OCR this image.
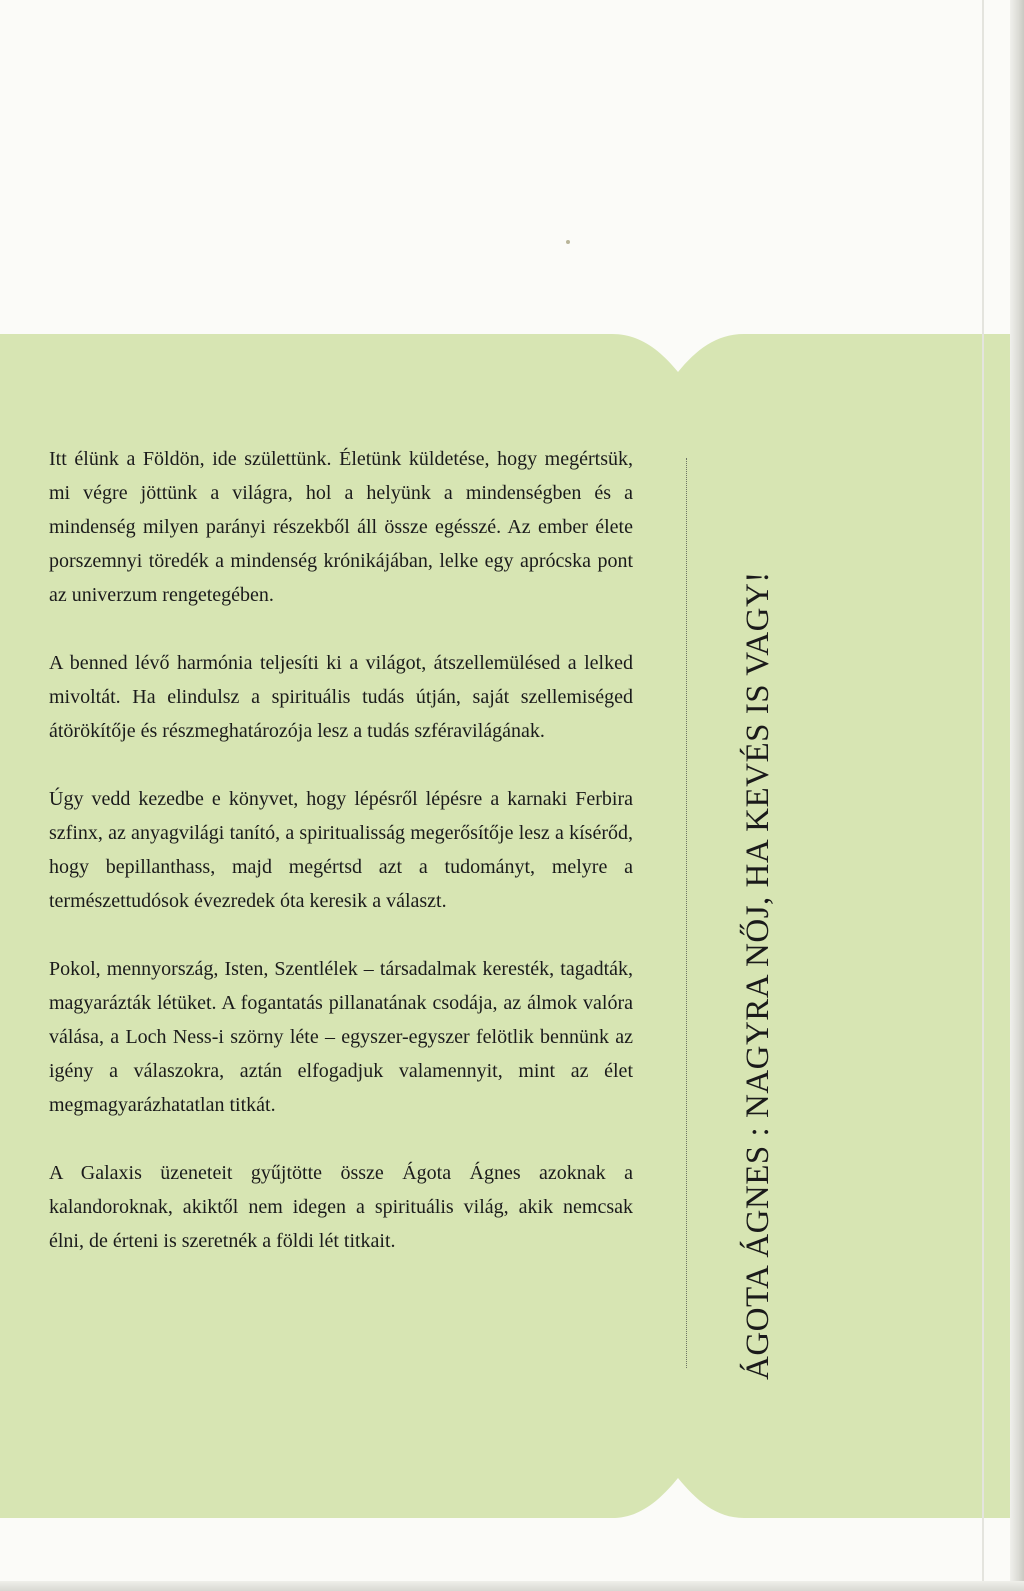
Itt élünk a Földön, ide születtünk. Életünk küldetése, hogy megértsük, mi végre jöttünk a világra, hol a helyünk a mindenségben és a mindenség milyen parányi részekből áll össze egésszé. Az ember élete porszemnyi töredék a mindenség krónikájában, lelke egy aprócska pont az univerzum rengetegében.

A benned lévő harmónia teljesíti ki a világot, átszellemülésed a lelked mivoltát. Ha elindulsz a spirituális tudás útján, saját szellemiséged átörökítője és részmeghatározója lesz a tudás szféravilágának.

Úgy vedd kezedbe e könyvet, hogy lépésről lépésre a karnaki Ferbira szfinx, az anyagvilági tanító, a spiritualisság megerősítője lesz a kísérőd, hogy bepillanthass, majd megértsd azt a tudományt, melyre a természettudósok évezredek óta keresik a választ.

Pokol, mennyország, Isten, Szentlélek – társadalmak keresték, tagadták, magyarázták létüket. A fogantatás pillanatának csodája, az álmok valóra válása, a Loch Ness-i szörny léte – egyszer-egyszer felötlik bennünk az igény a válaszokra, aztán elfogadjuk valamennyit, mint az élet megmagyarázhatatlan titkát.

A Galaxis üzeneteit gyűjtötte össze Ágota Ágnes azoknak a kalandoroknak, akiktől nem idegen a spirituális világ, akik nemcsak élni, de érteni is szeretnék a földi lét titkait.	ÁGOTA ÁGNES : NAGYRA NŐJ, HA KEVÉS IS VAGY!
